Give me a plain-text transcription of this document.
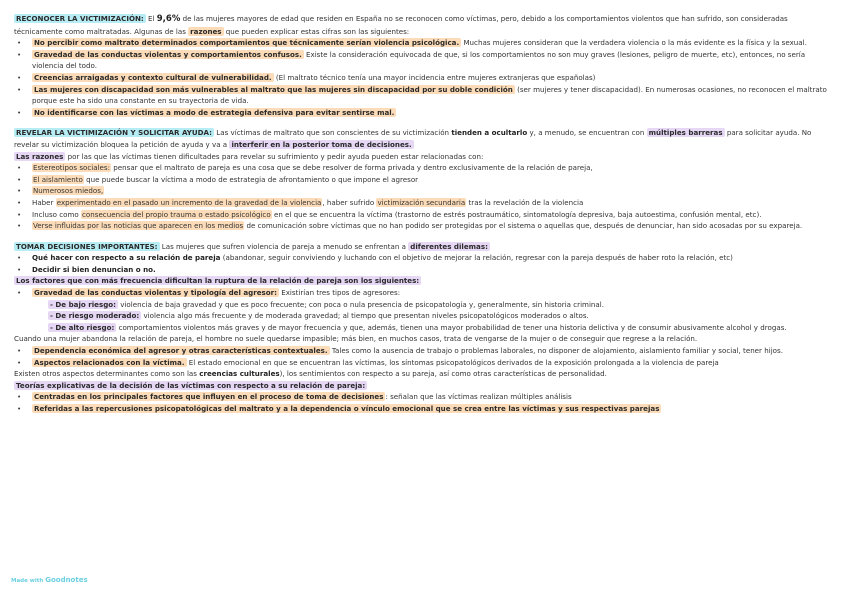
RECONOCER LA VICTIMIZACIÓN: El 9,6% de las mujeres mayores de edad que residen en España no se reconocen como víctimas, pero, debido a los comportamientos violentos que han sufrido, son consideradas técnicamente como maltratadas. Algunas de las razones que pueden explicar estas cifras son las siguientes:

• No percibir como maltrato determinados comportamientos que técnicamente serían violencia psicológica. Muchas mujeres consideran que la verdadera violencia o la más evidente es la física y la sexual.
• Gravedad de las conductas violentas y comportamientos confusos. Existe la consideración equivocada de que, si los comportamientos no son muy graves (lesiones, peligro de muerte, etc), entonces, no sería violencia del todo.
• Creencias arraigadas y contexto cultural de vulnerabilidad. (El maltrato técnico tenía una mayor incidencia entre mujeres extranjeras que españolas)
• Las mujeres con discapacidad son más vulnerables al maltrato que las mujeres sin discapacidad por su doble condición (ser mujeres y tener discapacidad). En numerosas ocasiones, no reconocen el maltrato porque este ha sido una constante en su trayectoria de vida.
• No identificarse con las víctimas a modo de estrategia defensiva para evitar sentirse mal.

REVELAR LA VICTIMIZACIÓN Y SOLICITAR AYUDA: Las víctimas de maltrato que son conscientes de su victimización tienden a ocultarlo y, a menudo, se encuentran con múltiples barreras para solicitar ayuda. No revelar su victimización bloquea la petición de ayuda y va a interferir en la posterior toma de decisiones.

Las razones por las que las víctimas tienen dificultades para revelar su sufrimiento y pedir ayuda pueden estar relacionadas con:

• Estereotipos sociales: pensar que el maltrato de pareja es una cosa que se debe resolver de forma privada y dentro exclusivamente de la relación de pareja,
• El aislamiento que puede buscar la víctima a modo de estrategia de afrontamiento o que impone el agresor
• Numerosos miedos,
• Haber experimentado en el pasado un incremento de la gravedad de la violencia, haber sufrido victimización secundaria tras la revelación de la violencia
• Incluso como consecuencia del propio trauma o estado psicológico en el que se encuentra la víctima (trastorno de estrés postraumático, sintomatología depresiva, baja autoestima, confusión mental, etc).
• Verse influidas por las noticias que aparecen en los medios de comunicación sobre víctimas que no han podido ser protegidas por el sistema o aquellas que, después de denunciar, han sido acosadas por su expareja.

TOMAR DECISIONES IMPORTANTES: Las mujeres que sufren violencia de pareja a menudo se enfrentan a diferentes dilemas:

• Qué hacer con respecto a su relación de pareja (abandonar, seguir conviviendo y luchando con el objetivo de mejorar la relación, regresar con la pareja después de haber roto la relación, etc)
• Decidir si bien denuncian o no.

Los factores que con más frecuencia dificultan la ruptura de la relación de pareja son los siguientes:

• Gravedad de las conductas violentas y tipología del agresor: Existirían tres tipos de agresores:
- De bajo riesgo: violencia de baja gravedad y que es poco frecuente; con poca o nula presencia de psicopatología y, generalmente, sin historia criminal.
- De riesgo moderado: violencia algo más frecuente y de moderada gravedad; al tiempo que presentan niveles psicopatológicos moderados o altos.
- De alto riesgo: comportamientos violentos más graves y de mayor frecuencia y que, además, tienen una mayor probabilidad de tener una historia delictiva y de consumir abusivamente alcohol y drogas.

Cuando una mujer abandona la relación de pareja, el hombre no suele quedarse impasible; más bien, en muchos casos, trata de vengarse de la mujer o de conseguir que regrese a la relación.

• Dependencia económica del agresor y otras características contextuales. Tales como la ausencia de trabajo o problemas laborales, no disponer de alojamiento, aislamiento familiar y social, tener hijos.
• Aspectos relacionados con la víctima. El estado emocional en que se encuentran las víctimas, los síntomas psicopatológicos derivados de la exposición prolongada a la violencia de pareja

Existen otros aspectos determinantes como son las creencias culturales), los sentimientos con respecto a su pareja, así como otras características de personalidad.

Teorías explicativas de la decisión de las víctimas con respecto a su relación de pareja:

• Centradas en los principales factores que influyen en el proceso de toma de decisiones : señalan que las víctimas realizan múltiples análisis
• Referidas a las repercusiones psicopatológicas del maltrato y a la dependencia o vínculo emocional que se crea entre las víctimas y sus respectivas parejas
Made with Goodnotes
